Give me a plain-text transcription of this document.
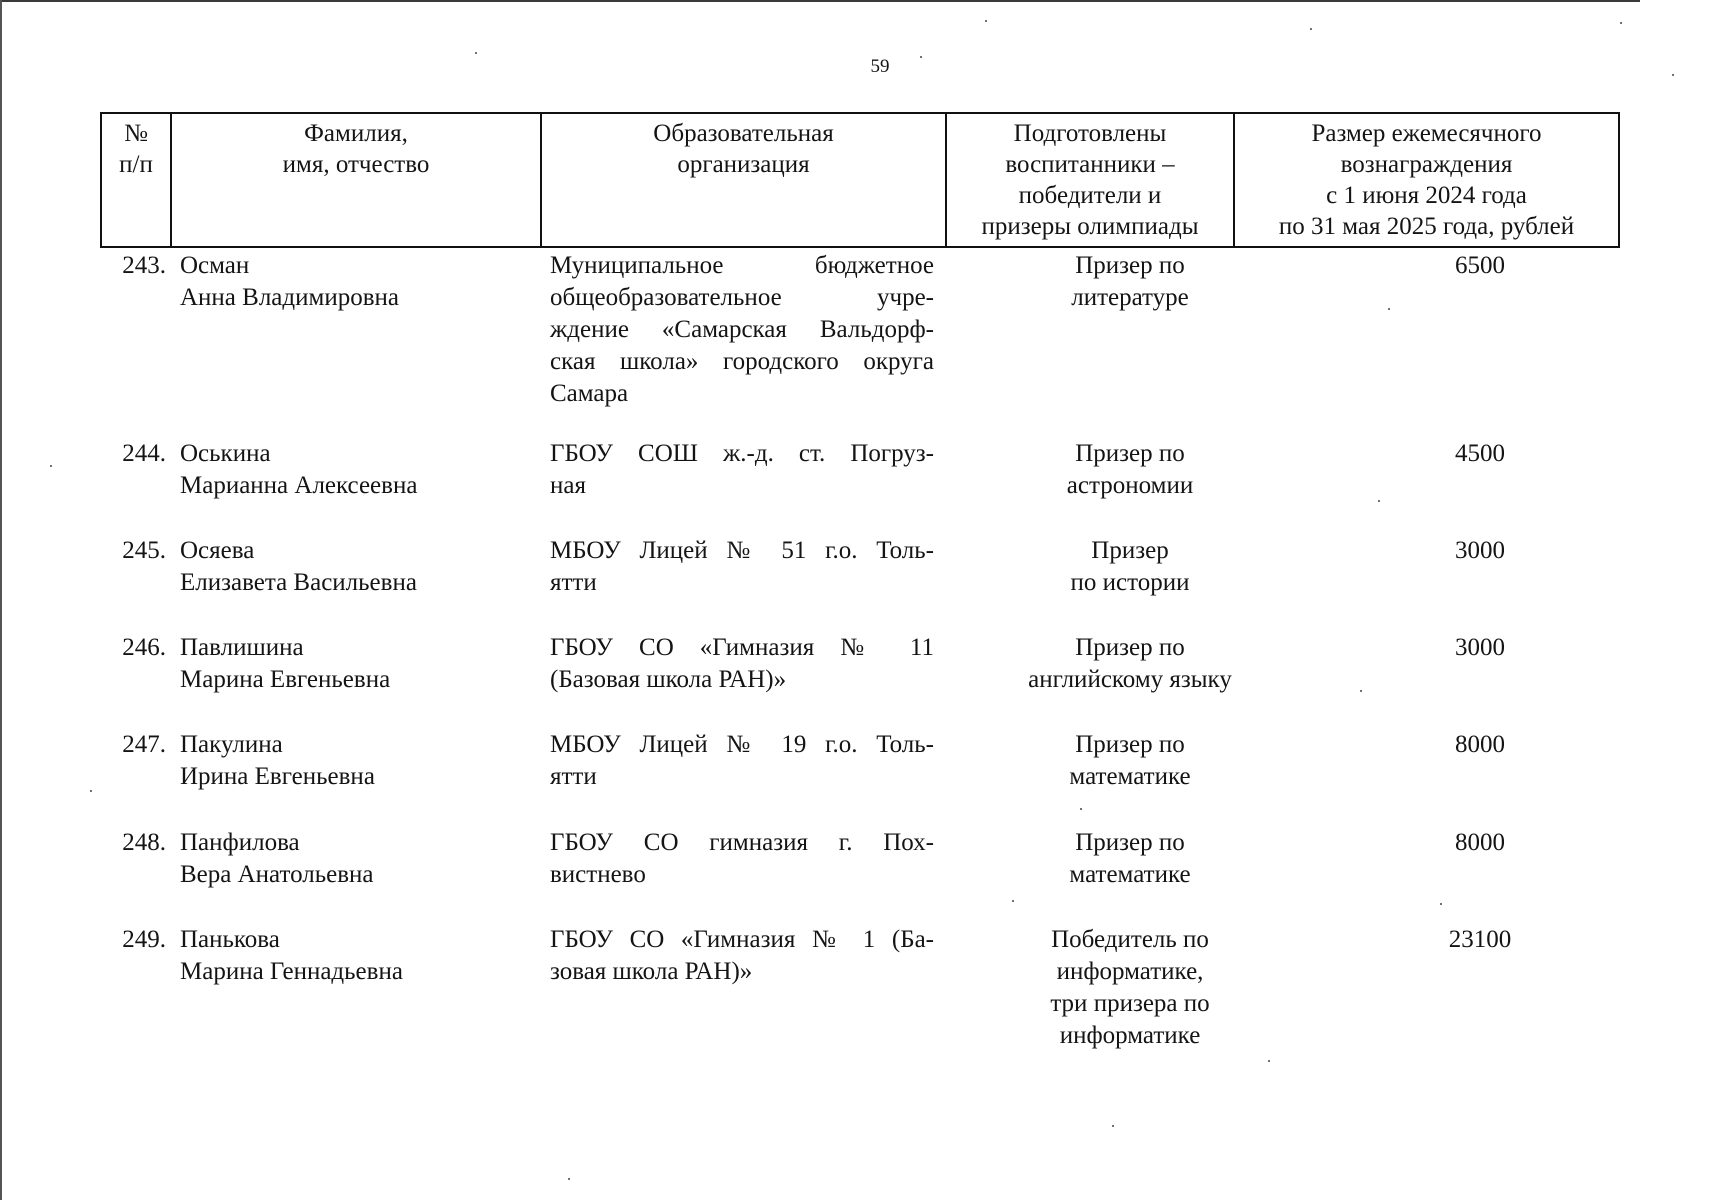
59
№
п/п
Фамилия,
имя, отчество
Образовательная
организация
Подготовлены
воспитанники –
победители и
призеры олимпиады
Размер ежемесячного
вознаграждения
с 1 июня 2024 года
по 31 мая 2025 года, рублей
243. Осман
Анна Владимировна
Муниципальное бюджетное
общеобразовательное учре-
ждение «Самарская Вальдорф-
ская школа» городского округа
Самара
Призер по
литературе
6500
244. Оськина
Марианна Алексеевна
ГБОУ СОШ ж.-д. ст. Погруз-
ная
Призер по
астрономии
4500
245. Осяева
Елизавета Васильевна
МБОУ Лицей № 51 г.о. Толь-
ятти
Призер
по истории
3000
246. Павлишина
Марина Евгеньевна
ГБОУ СО «Гимназия № 11
(Базовая школа РАН)»
Призер по
английскому языку
3000
247. Пакулина
Ирина Евгеньевна
МБОУ Лицей № 19 г.о. Толь-
ятти
Призер по
математике
8000
248. Панфилова
Вера Анатольевна
ГБОУ СО гимназия г. Пох-
вистнево
Призер по
математике
8000
249. Панькова
Марина Геннадьевна
ГБОУ СО «Гимназия № 1 (Ба-
зовая школа РАН)»
Победитель по
информатике,
три призера по
информатике
23100
